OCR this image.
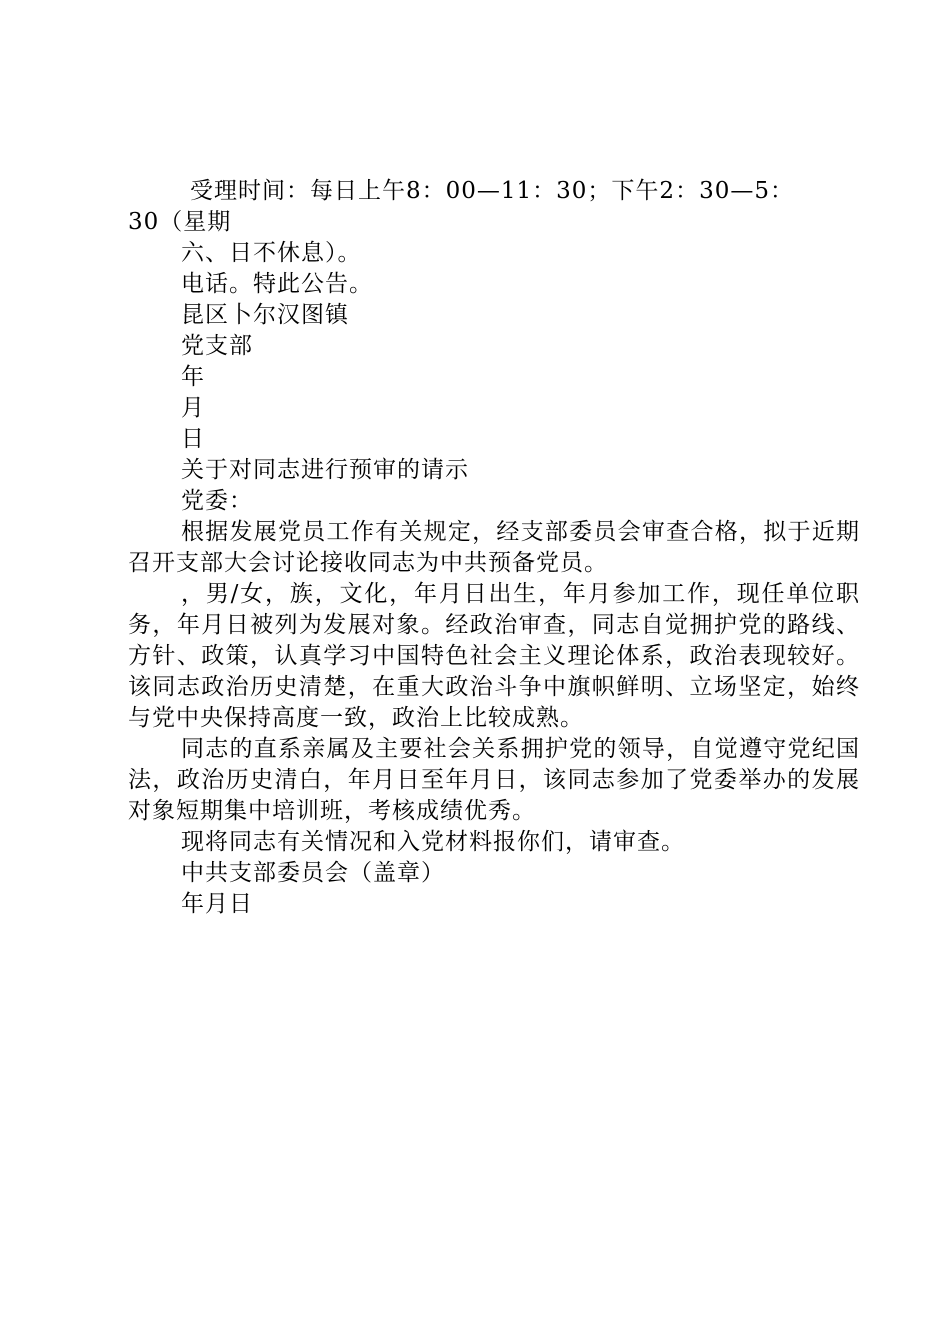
受理时间：每日上午8：00—11：30；下午2：30—5：
30（星期
六、日不休息）。
电话。特此公告。
昆区卜尔汉图镇
党支部
年
月
日
关于对同志进行预审的请示
党委：
根据发展党员工作有关规定，经支部委员会审查合格，拟于近期召开支部大会讨论接收同志为中共预备党员。
，男/女，族，文化，年月日出生，年月参加工作，现任单位职务，年月日被列为发展对象。经政治审查，同志自觉拥护党的路线、方针、政策，认真学习中国特色社会主义理论体系，政治表现较好。该同志政治历史清楚，在重大政治斗争中旗帜鲜明、立场坚定，始终与党中央保持高度一致，政治上比较成熟。
同志的直系亲属及主要社会关系拥护党的领导，自觉遵守党纪国法，政治历史清白，年月日至年月日，该同志参加了党委举办的发展对象短期集中培训班，考核成绩优秀。
现将同志有关情况和入党材料报你们，请审查。
中共支部委员会（盖章）
年月日
